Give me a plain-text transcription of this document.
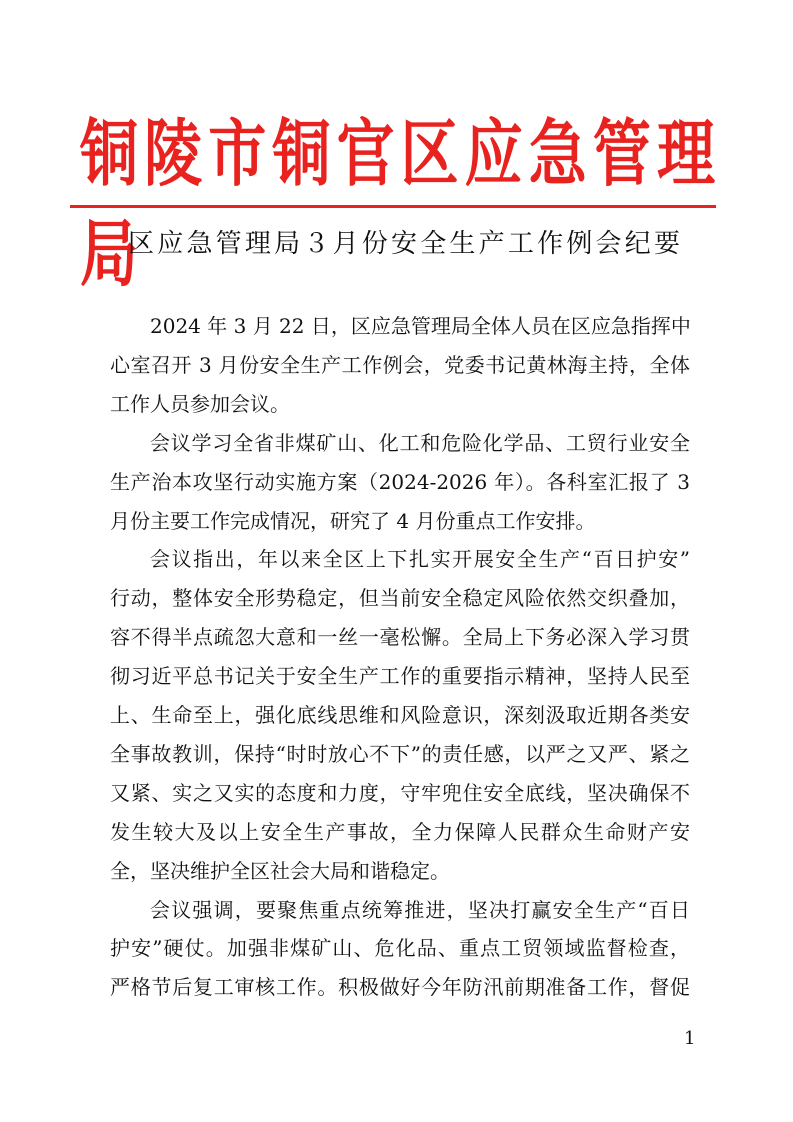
铜陵市铜官区应急管理局
区应急管理局３月份安全生产工作例会纪要
2024 年 3 月 22 日，区应急管理局全体人员在区应急指挥中
心室召开 3 月份安全生产工作例会，党委书记黄林海主持，全体
工作人员参加会议。
会议学习全省非煤矿山、化工和危险化学品、工贸行业安全
生产治本攻坚行动实施方案（2024-2026 年）。各科室汇报了 3
月份主要工作完成情况，研究了 4 月份重点工作安排。
会议指出，年以来全区上下扎实开展安全生产“百日护安”
行动，整体安全形势稳定，但当前安全稳定风险依然交织叠加，
容不得半点疏忽大意和一丝一毫松懈。全局上下务必深入学习贯
彻习近平总书记关于安全生产工作的重要指示精神，坚持人民至
上、生命至上，强化底线思维和风险意识，深刻汲取近期各类安
全事故教训，保持“时时放心不下”的责任感，以严之又严、紧之
又紧、实之又实的态度和力度，守牢兜住安全底线，坚决确保不
发生较大及以上安全生产事故，全力保障人民群众生命财产安
全，坚决维护全区社会大局和谐稳定。
会议强调，要聚焦重点统筹推进，坚决打赢安全生产“百日
护安”硬仗。加强非煤矿山、危化品、重点工贸领域监督检查，
严格节后复工审核工作。积极做好今年防汛前期准备工作，督促
1
